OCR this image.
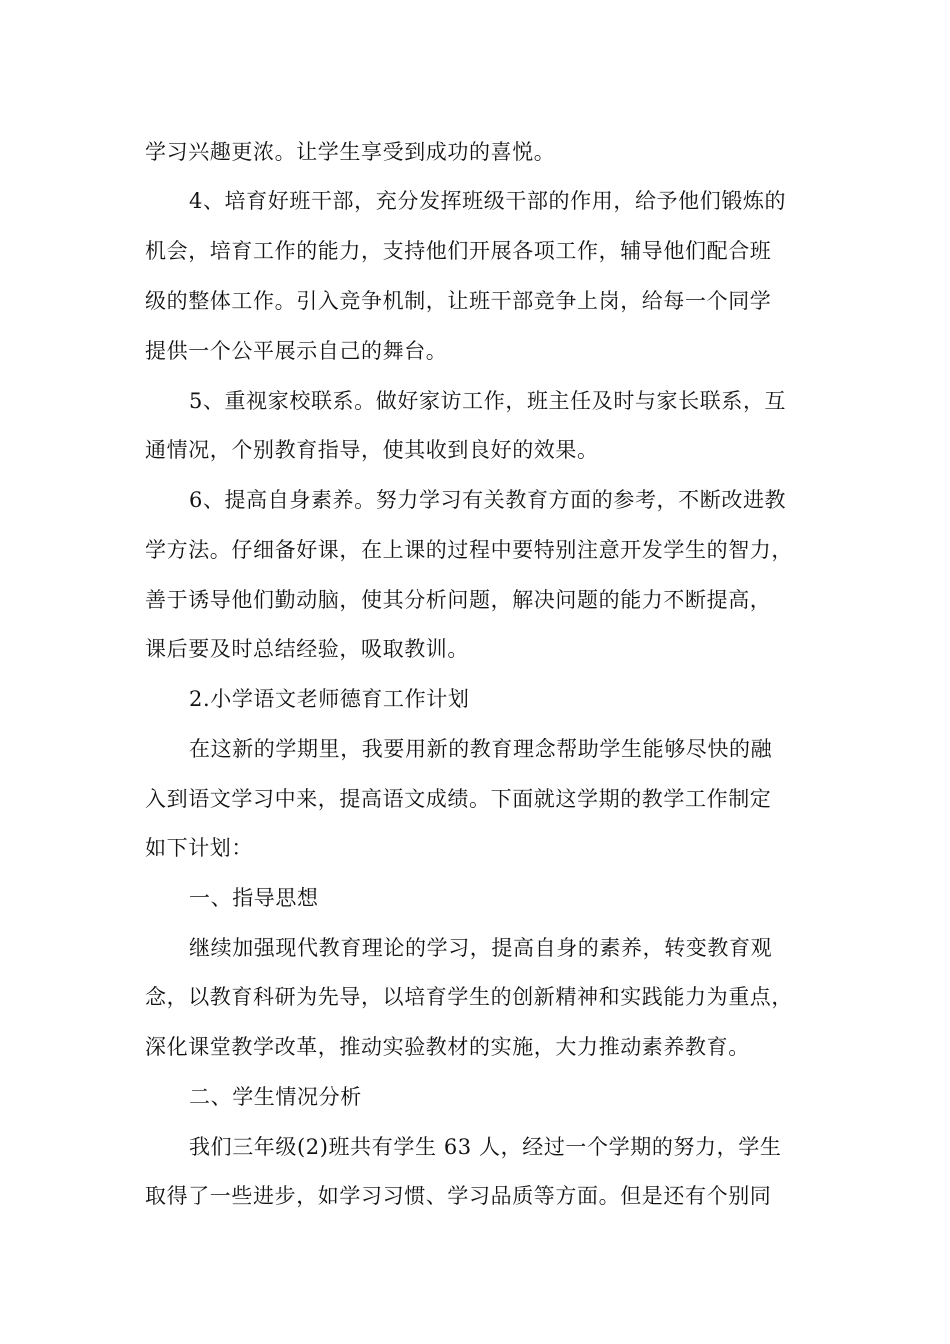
学习兴趣更浓。让学生享受到成功的喜悦。
4、培育好班干部，充分发挥班级干部的作用，给予他们锻炼的
机会，培育工作的能力，支持他们开展各项工作，辅导他们配合班
级的整体工作。引入竞争机制，让班干部竞争上岗，给每一个同学
提供一个公平展示自己的舞台。
5、重视家校联系。做好家访工作，班主任及时与家长联系，互
通情况，个别教育指导，使其收到良好的效果。
6、提高自身素养。努力学习有关教育方面的参考，不断改进教
学方法。仔细备好课，在上课的过程中要特别注意开发学生的智力，
善于诱导他们勤动脑，使其分析问题，解决问题的能力不断提高，
课后要及时总结经验，吸取教训。
2.小学语文老师德育工作计划
在这新的学期里，我要用新的教育理念帮助学生能够尽快的融
入到语文学习中来，提高语文成绩。下面就这学期的教学工作制定
如下计划：
一、指导思想
继续加强现代教育理论的学习，提高自身的素养，转变教育观
念，以教育科研为先导，以培育学生的创新精神和实践能力为重点，
深化课堂教学改革，推动实验教材的实施，大力推动素养教育。
二、学生情况分析
我们三年级(2)班共有学生 63 人，经过一个学期的努力，学生
取得了一些进步，如学习习惯、学习品质等方面。但是还有个别同
